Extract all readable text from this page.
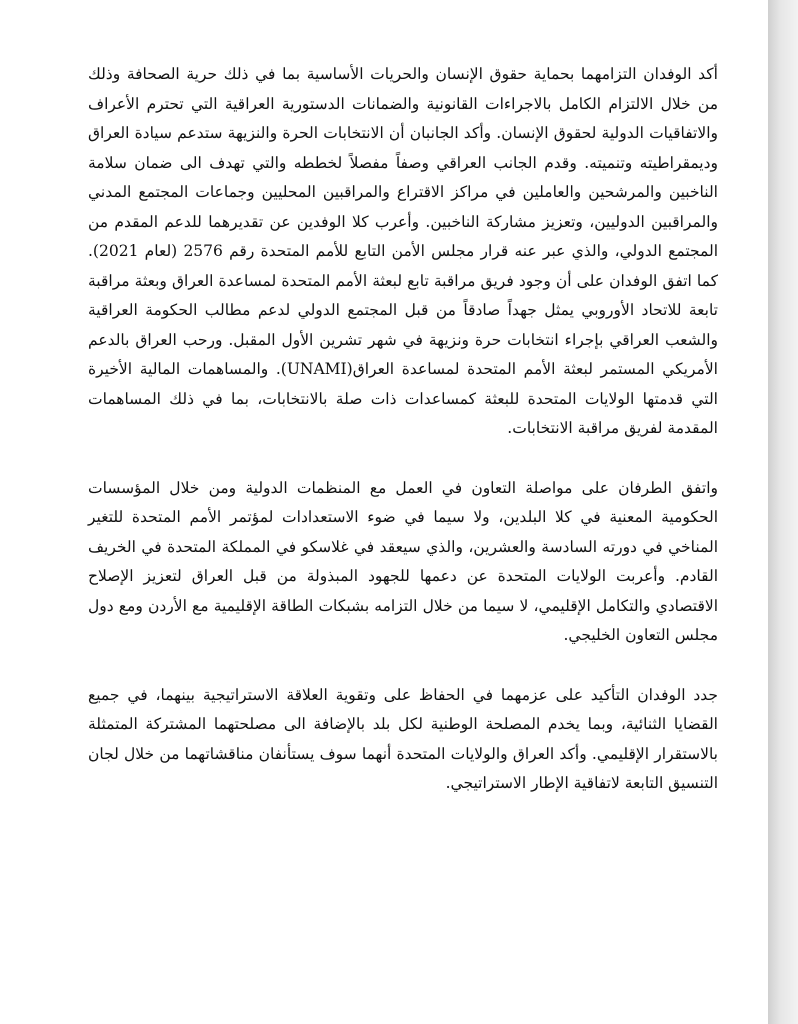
أكد الوفدان التزامهما بحماية حقوق الإنسان والحريات الأساسية بما في ذلك حرية الصحافة وذلك من خلال الالتزام الكامل بالاجراءات القانونية والضمانات الدستورية العراقية التي تحترم الأعراف والاتفاقيات الدولية لحقوق الإنسان. وأكد الجانبان أن الانتخابات الحرة والنزيهة ستدعم سيادة العراق وديمقراطيته وتنميته. وقدم الجانب العراقي وصفاً مفصلاً لخططه والتي تهدف الى ضمان سلامة الناخبين والمرشحين والعاملين في مراكز الاقتراع والمراقبين المحليين وجماعات المجتمع المدني والمراقبين الدوليين، وتعزيز مشاركة الناخبين. وأعرب كلا الوفدين عن تقديرهما للدعم المقدم من المجتمع الدولي، والذي عبر عنه قرار مجلس الأمن التابع للأمم المتحدة رقم 2576 (لعام 2021). كما اتفق الوفدان على أن وجود فريق مراقبة تابع لبعثة الأمم المتحدة لمساعدة العراق وبعثة مراقبة تابعة للاتحاد الأوروبي يمثل جهداً صادقاً من قبل المجتمع الدولي لدعم مطالب الحكومة العراقية والشعب العراقي بإجراء انتخابات حرة ونزيهة في شهر تشرين الأول المقبل. ورحب العراق بالدعم الأمريكي المستمر لبعثة الأمم المتحدة لمساعدة العراق(UNAMI). والمساهمات المالية الأخيرة التي قدمتها الولايات المتحدة للبعثة كمساعدات ذات صلة بالانتخابات، بما في ذلك المساهمات المقدمة لفريق مراقبة الانتخابات.

واتفق الطرفان على مواصلة التعاون في العمل مع المنظمات الدولية ومن خلال المؤسسات الحكومية المعنية في كلا البلدين، ولا سيما في ضوء الاستعدادات لمؤتمر الأمم المتحدة للتغير المناخي في دورته السادسة والعشرين، والذي سيعقد في غلاسكو في المملكة المتحدة في الخريف القادم. وأعربت الولايات المتحدة عن دعمها للجهود المبذولة من قبل العراق لتعزيز الإصلاح الاقتصادي والتكامل الإقليمي، لا سيما من خلال التزامه بشبكات الطاقة الإقليمية مع الأردن ومع دول مجلس التعاون الخليجي.

جدد الوفدان التأكيد على عزمهما في الحفاظ على وتقوية العلاقة الاستراتيجية بينهما، في جميع القضايا الثنائية، وبما يخدم المصلحة الوطنية لكل بلد بالإضافة الى مصلحتهما المشتركة المتمثلة بالاستقرار الإقليمي. وأكد العراق والولايات المتحدة أنهما سوف يستأنفان مناقشاتهما من خلال لجان التنسيق التابعة لاتفاقية الإطار الاستراتيجي.
